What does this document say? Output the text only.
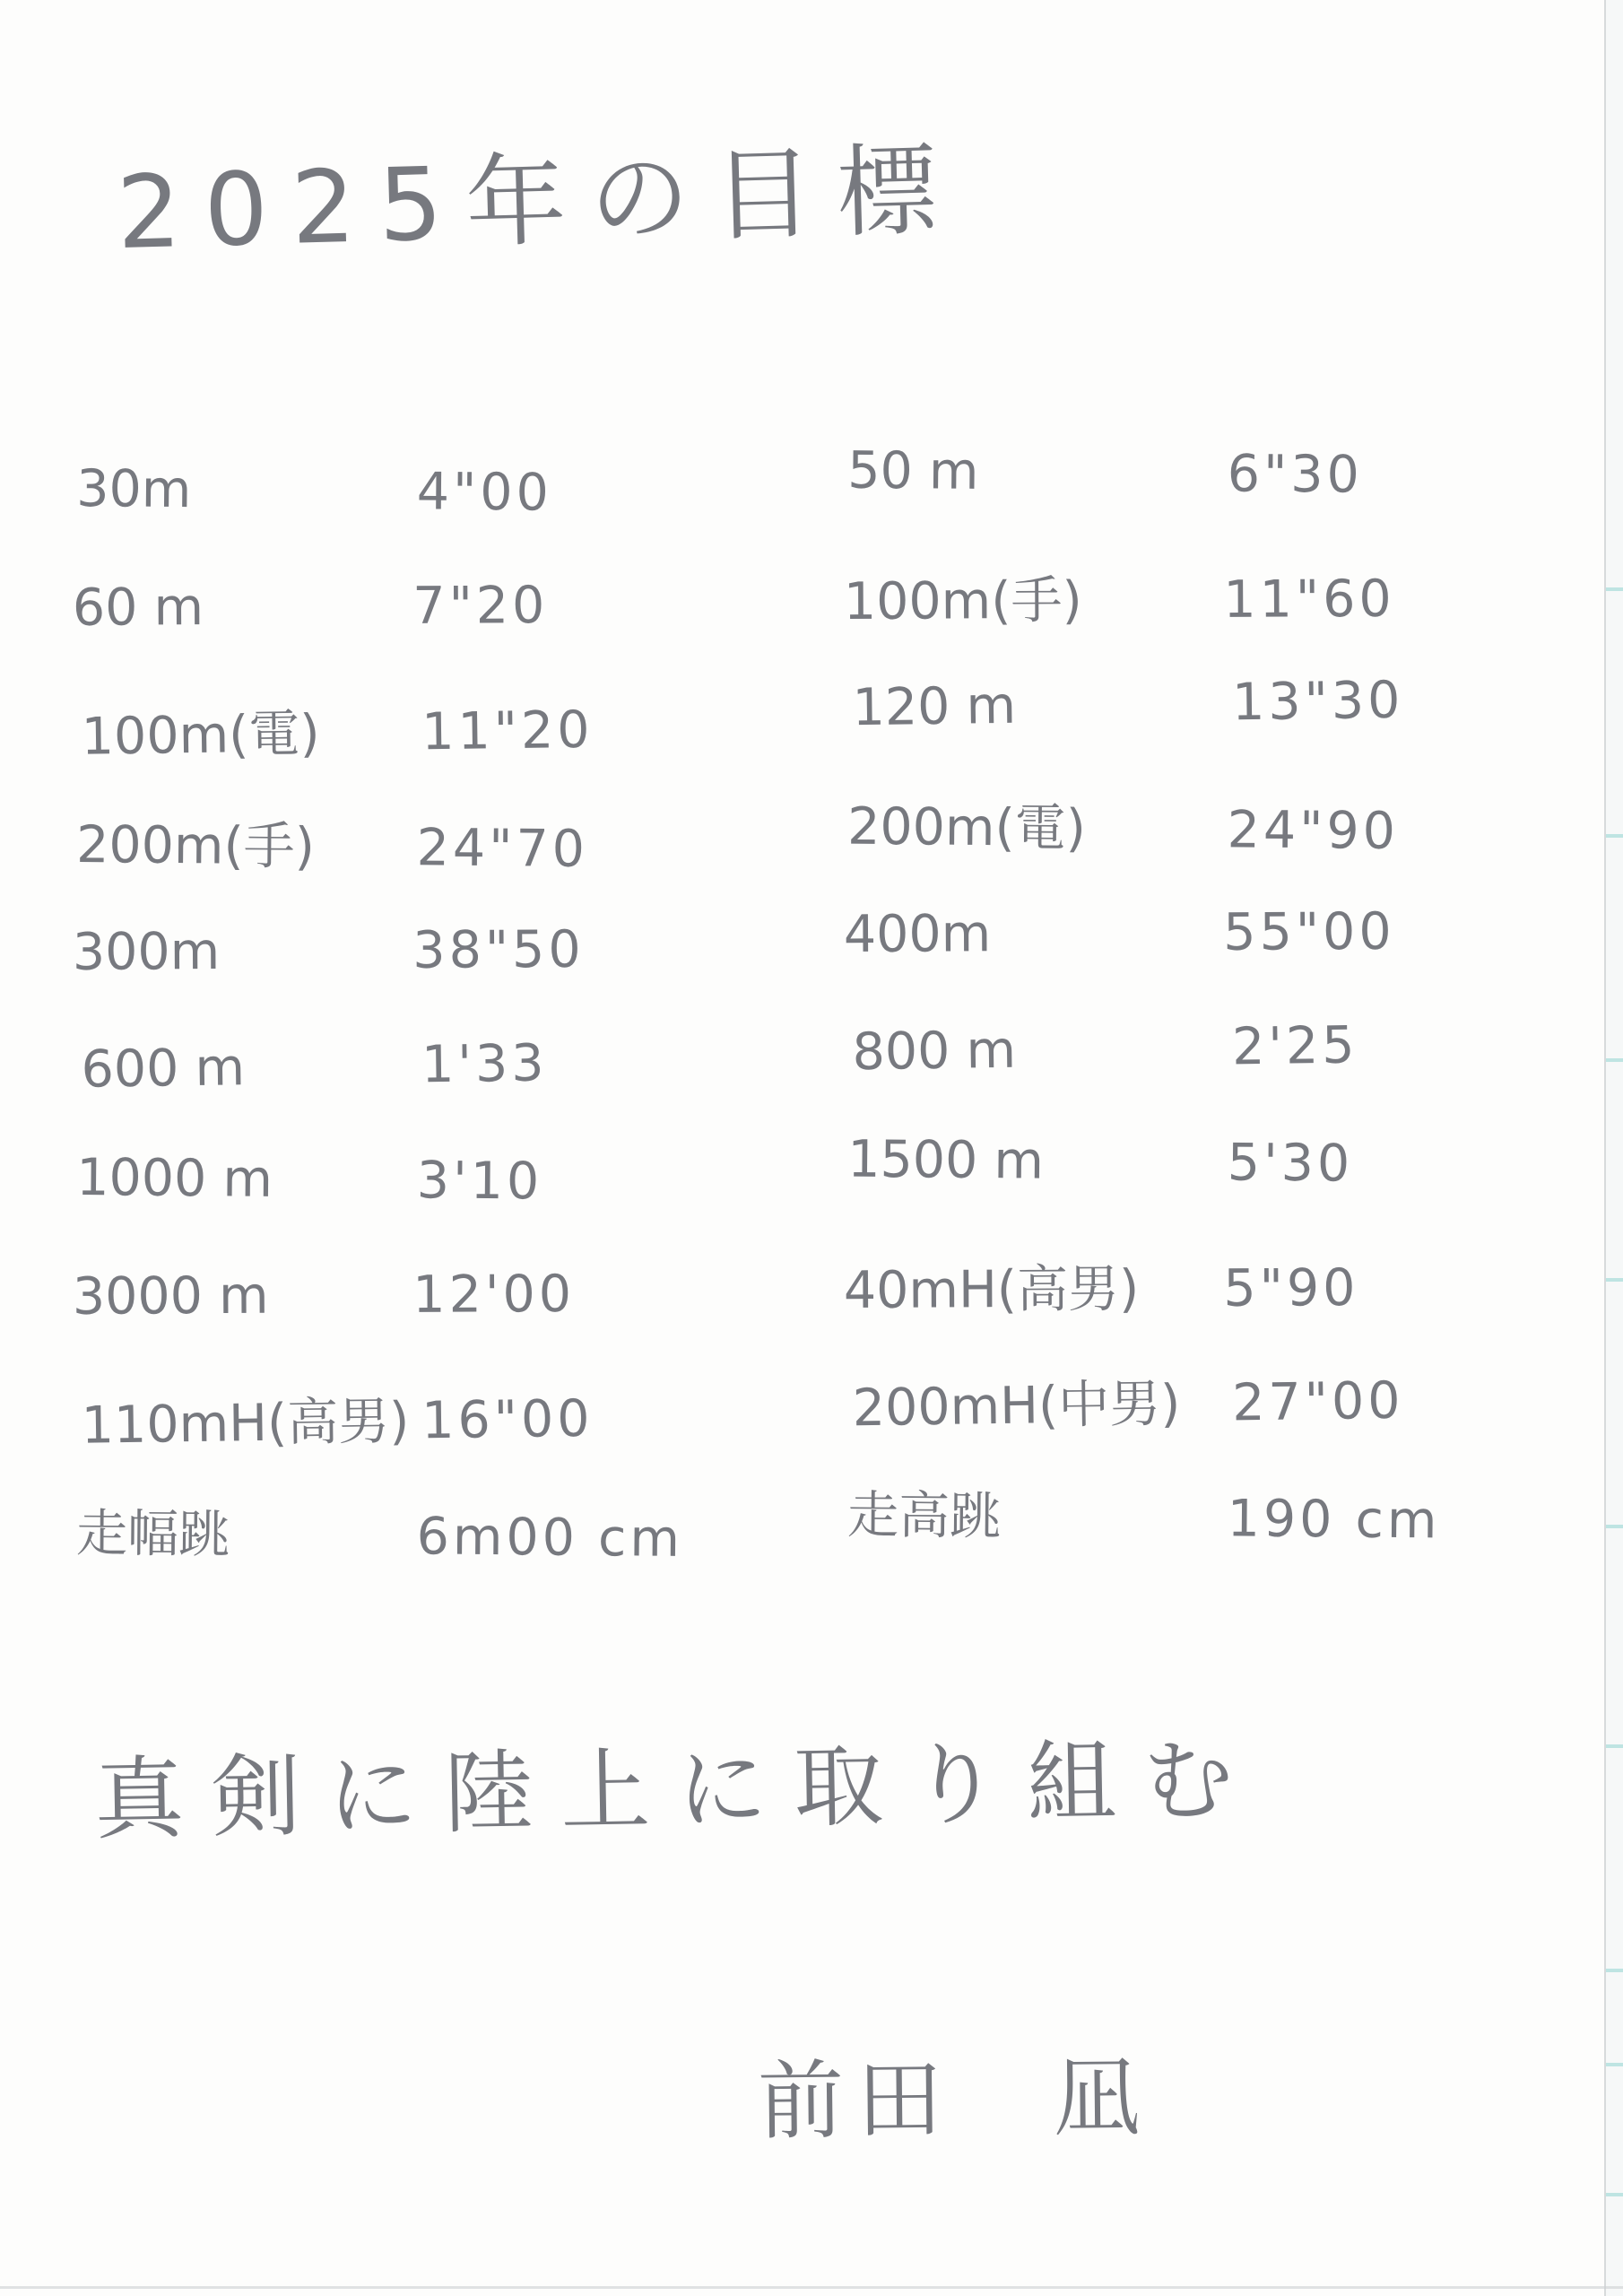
2025年の目標
30m	4"00
60 m	7"20
100m(電)	11"20
200m(手)	24"70
300m	38"50
600 m	1'33
1000 m	3'10
3000 m	12'00
110mH(高男) 16"00
走幅跳	6m00 cm
50 m	6"30
100m(手)	11"60
120 m	13"30
200m(電)	24"90
400m	55"00
800 m	2'25
1500 m	5'30
40mH(高男)	5"90
200mH(中男) 27"00
走高跳	190 cm
真剣に陸上に取り組む
前田　凪
